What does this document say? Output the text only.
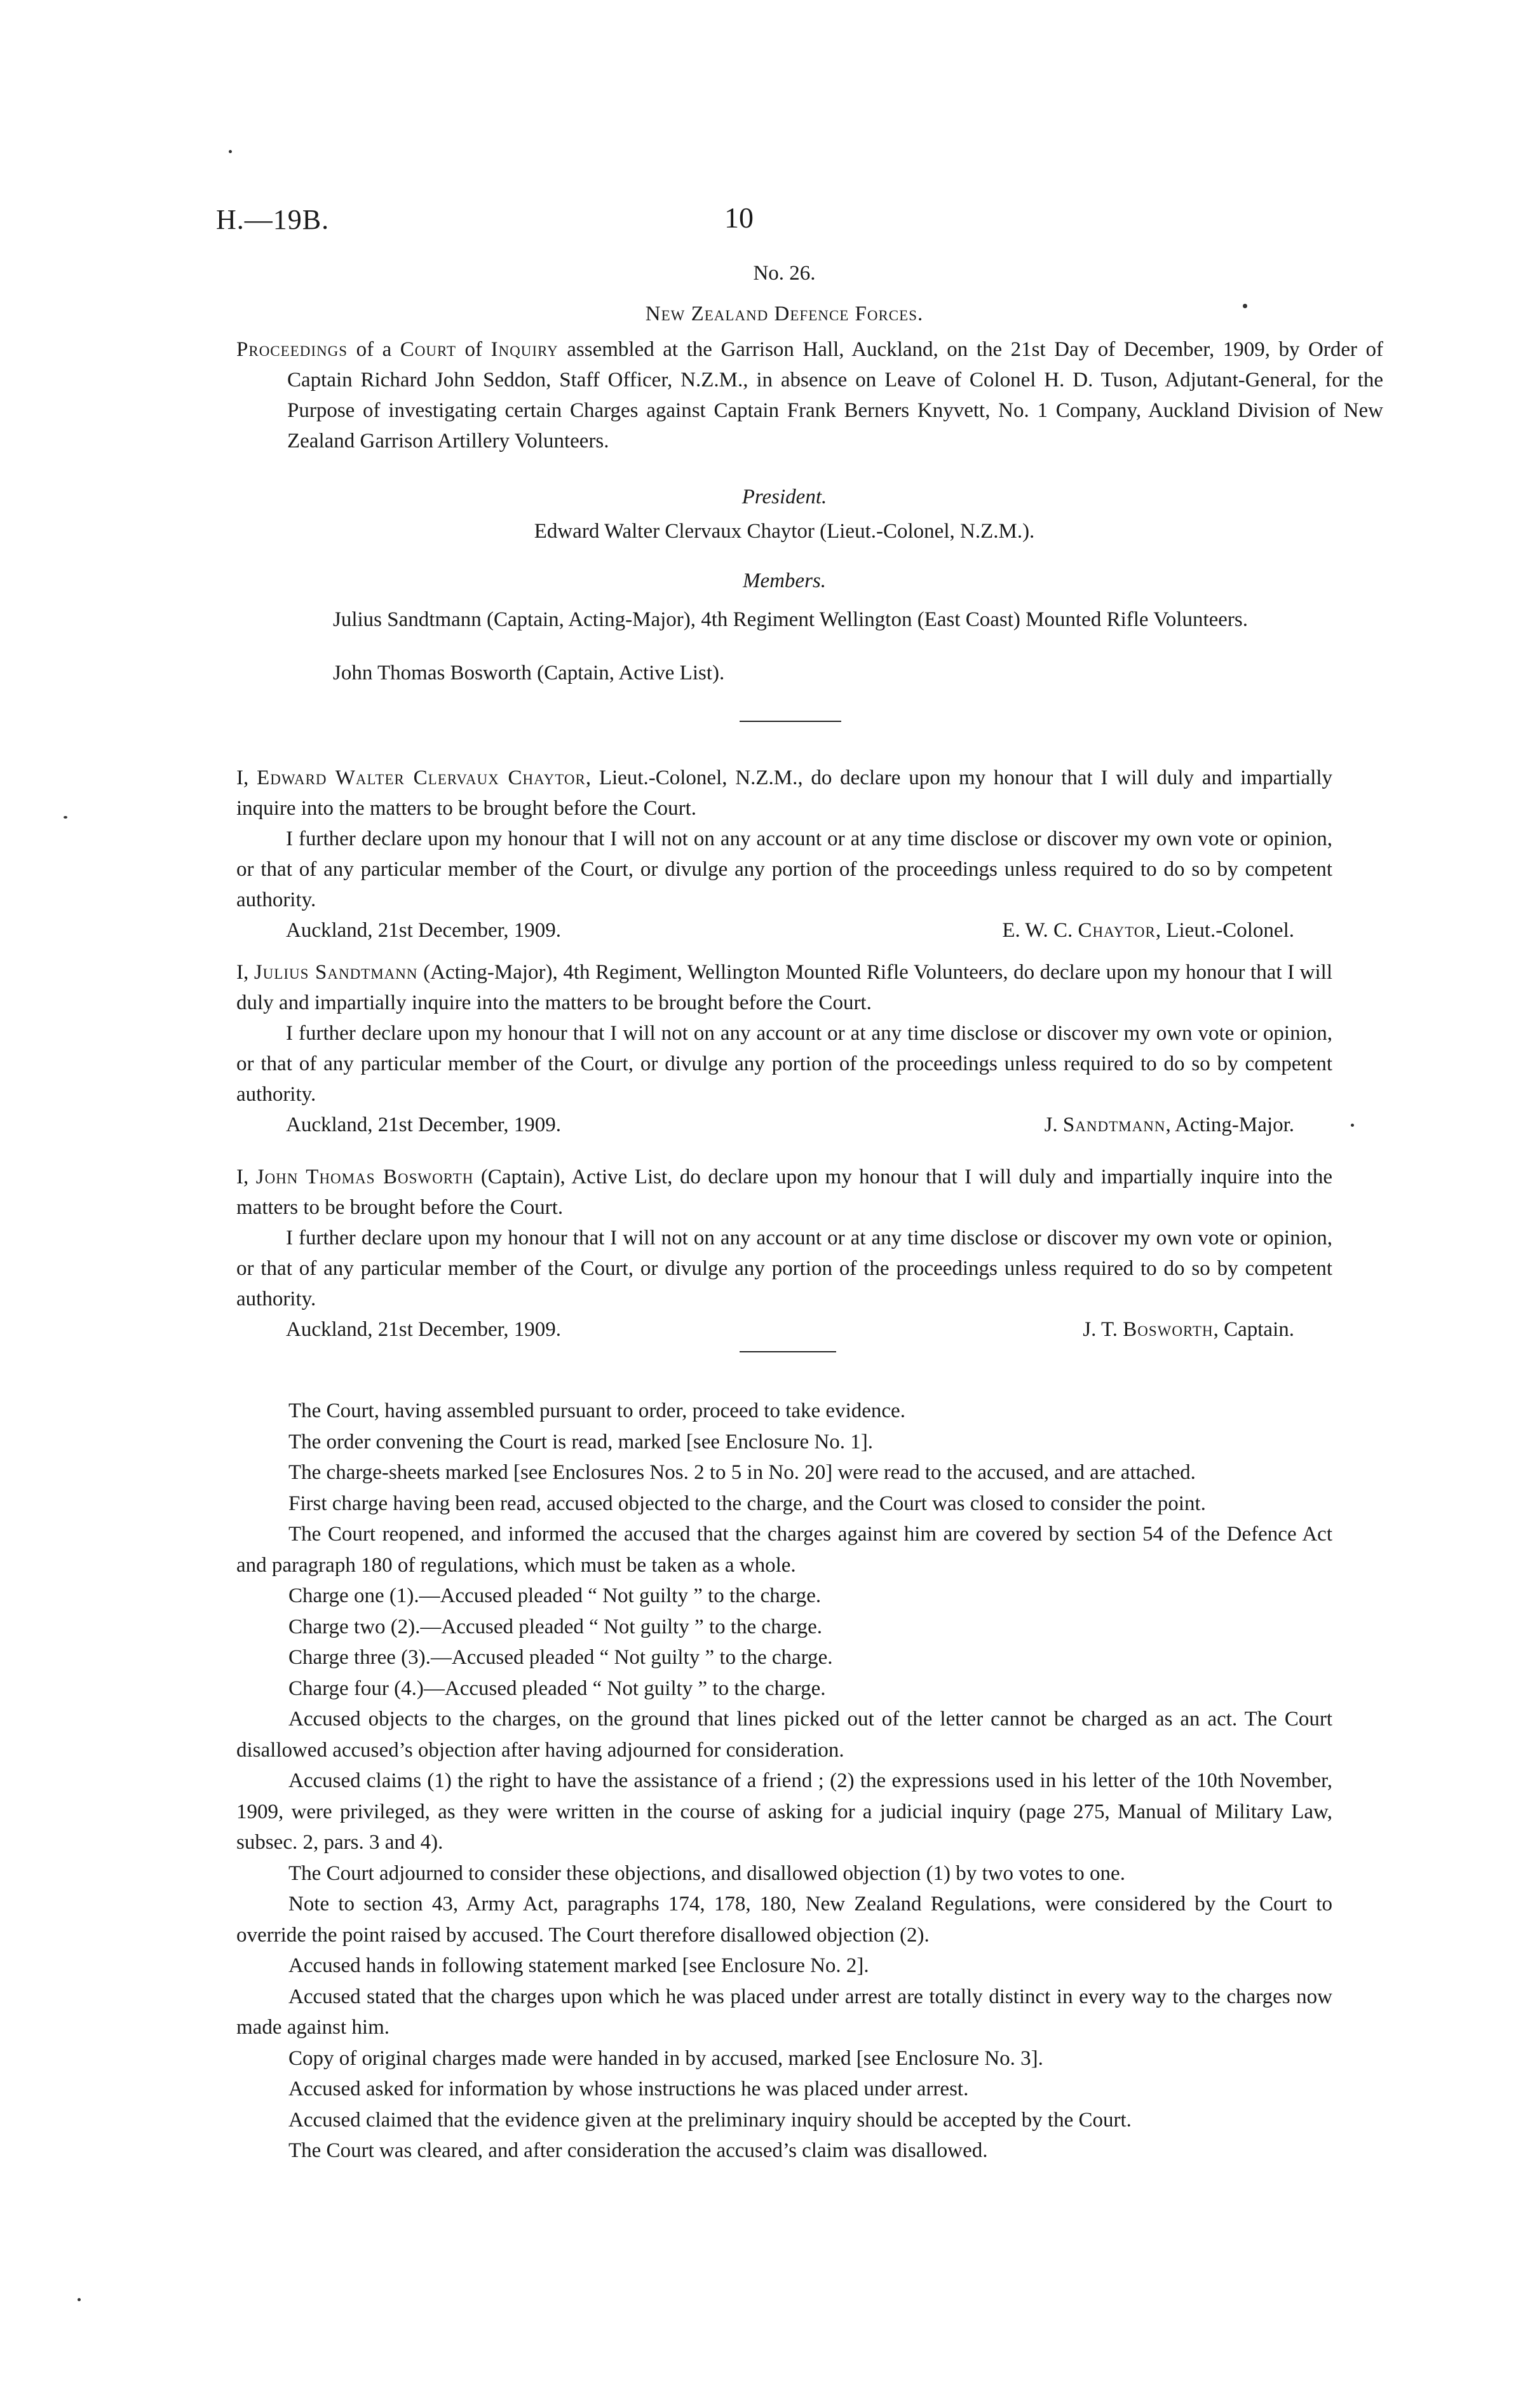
H.—19B.	10
No. 26.
New Zealand Defence Forces.
Proceedings of a Court of Inquiry assembled at the Garrison Hall, Auckland, on the 21st Day of December, 1909, by Order of Captain Richard John Seddon, Staff Officer, N.Z.M., in absence on Leave of Colonel H. D. Tuson, Adjutant-General, for the Purpose of investigating certain Charges against Captain Frank Berners Knyvett, No. 1 Company, Auckland Division of New Zealand Garrison Artillery Volunteers.
President.
Edward Walter Clervaux Chaytor (Lieut.-Colonel, N.Z.M.).
Members.
Julius Sandtmann (Captain, Acting-Major), 4th Regiment Wellington (East Coast) Mounted Rifle Volunteers.
John Thomas Bosworth (Captain, Active List).

I, Edward Walter Clervaux Chaytor, Lieut.-Colonel, N.Z.M., do declare upon my honour that I will duly and impartially inquire into the matters to be brought before the Court.

I further declare upon my honour that I will not on any account or at any time disclose or discover my own vote or opinion, or that of any particular member of the Court, or divulge any portion of the proceedings unless required to do so by competent authority.

Auckland, 21st December, 1909.	E. W. C. Chaytor, Lieut.-Colonel.

I, Julius Sandtmann (Acting-Major), 4th Regiment, Wellington Mounted Rifle Volunteers, do declare upon my honour that I will duly and impartially inquire into the matters to be brought before the Court.

I further declare upon my honour that I will not on any account or at any time disclose or discover my own vote or opinion, or that of any particular member of the Court, or divulge any portion of the proceedings unless required to do so by competent authority.

Auckland, 21st December, 1909.	J. Sandtmann, Acting-Major.

I, John Thomas Bosworth (Captain), Active List, do declare upon my honour that I will duly and impartially inquire into the matters to be brought before the Court.

I further declare upon my honour that I will not on any account or at any time disclose or discover my own vote or opinion, or that of any particular member of the Court, or divulge any portion of the proceedings unless required to do so by competent authority.

Auckland, 21st December, 1909.	J. T. Bosworth, Captain.

The Court, having assembled pursuant to order, proceed to take evidence.

The order convening the Court is read, marked [see Enclosure No. 1].

The charge-sheets marked [see Enclosures Nos. 2 to 5 in No. 20] were read to the accused, and are attached.

First charge having been read, accused objected to the charge, and the Court was closed to consider the point.

The Court reopened, and informed the accused that the charges against him are covered by section 54 of the Defence Act and paragraph 180 of regulations, which must be taken as a whole.

Charge one (1).—Accused pleaded “ Not guilty ” to the charge.

Charge two (2).—Accused pleaded “ Not guilty ” to the charge.

Charge three (3).—Accused pleaded “ Not guilty ” to the charge.

Charge four (4.)—Accused pleaded “ Not guilty ” to the charge.

Accused objects to the charges, on the ground that lines picked out of the letter cannot be charged as an act. The Court disallowed accused’s objection after having adjourned for consideration.

Accused claims (1) the right to have the assistance of a friend ; (2) the expressions used in his letter of the 10th November, 1909, were privileged, as they were written in the course of asking for a judicial inquiry (page 275, Manual of Military Law, subsec. 2, pars. 3 and 4).

The Court adjourned to consider these objections, and disallowed objection (1) by two votes to one.

Note to section 43, Army Act, paragraphs 174, 178, 180, New Zealand Regulations, were considered by the Court to override the point raised by accused. The Court therefore disallowed objection (2).

Accused hands in following statement marked [see Enclosure No. 2].

Accused stated that the charges upon which he was placed under arrest are totally distinct in every way to the charges now made against him.

Copy of original charges made were handed in by accused, marked [see Enclosure No. 3].

Accused asked for information by whose instructions he was placed under arrest.

Accused claimed that the evidence given at the preliminary inquiry should be accepted by the Court.

The Court was cleared, and after consideration the accused’s claim was disallowed.
